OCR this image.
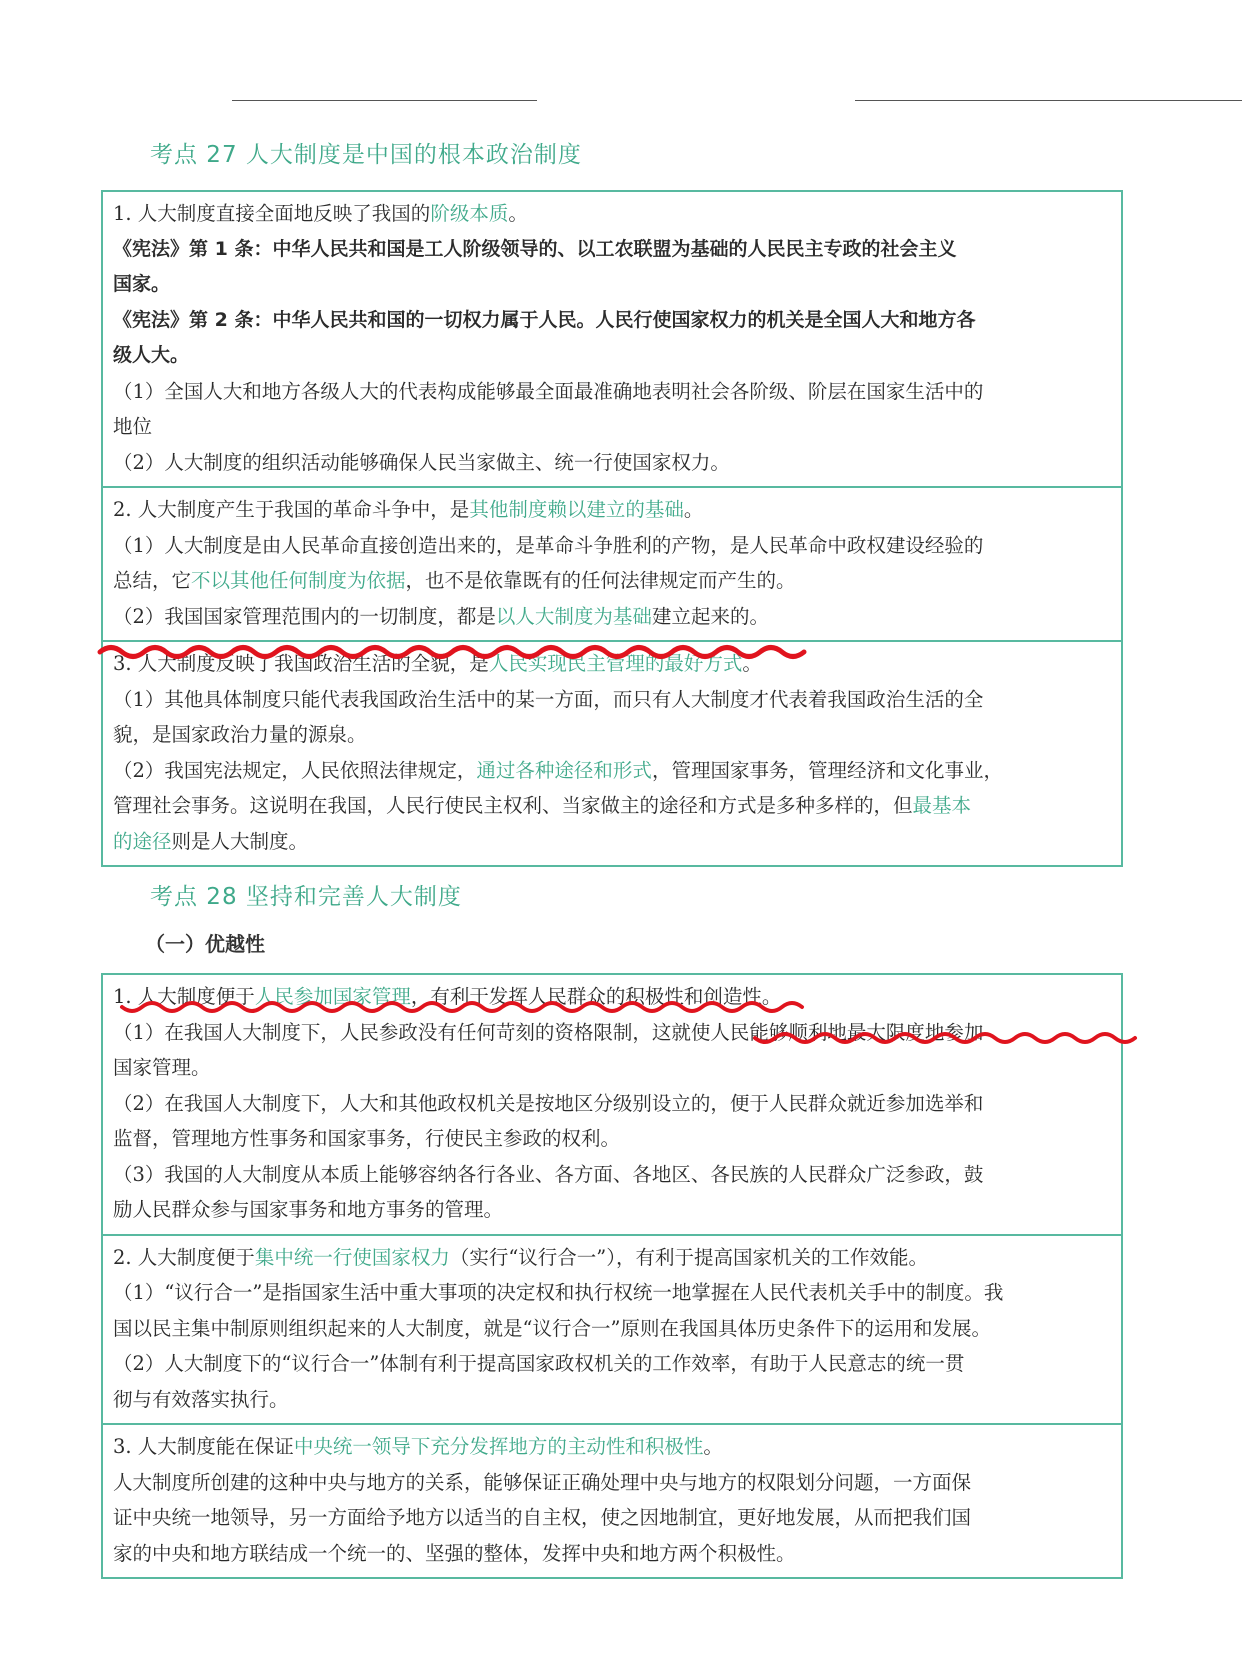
考点 27 人大制度是中国的根本政治制度
1. 人大制度直接全面地反映了我国的阶级本质。
《宪法》第 1 条：中华人民共和国是工人阶级领导的、以工农联盟为基础的人民民主专政的社会主义
国家。
《宪法》第 2 条：中华人民共和国的一切权力属于人民。人民行使国家权力的机关是全国人大和地方各
级人大。
（1）全国人大和地方各级人大的代表构成能够最全面最准确地表明社会各阶级、阶层在国家生活中的
地位
（2）人大制度的组织活动能够确保人民当家做主、统一行使国家权力。
2. 人大制度产生于我国的革命斗争中，是其他制度赖以建立的基础。
（1）人大制度是由人民革命直接创造出来的，是革命斗争胜利的产物，是人民革命中政权建设经验的
总结，它不以其他任何制度为依据，也不是依靠既有的任何法律规定而产生的。
（2）我国国家管理范围内的一切制度，都是以人大制度为基础建立起来的。
3. 人大制度反映了我国政治生活的全貌，是人民实现民主管理的最好方式。
（1）其他具体制度只能代表我国政治生活中的某一方面，而只有人大制度才代表着我国政治生活的全
貌，是国家政治力量的源泉。
（2）我国宪法规定，人民依照法律规定，通过各种途径和形式，管理国家事务，管理经济和文化事业，
管理社会事务。这说明在我国，人民行使民主权利、当家做主的途径和方式是多种多样的，但最基本
的途径则是人大制度。
考点 28 坚持和完善人大制度
（一）优越性
1. 人大制度便于人民参加国家管理，有利于发挥人民群众的积极性和创造性。
（1）在我国人大制度下，人民参政没有任何苛刻的资格限制，这就使人民能够顺利地最大限度地参加
国家管理。
（2）在我国人大制度下，人大和其他政权机关是按地区分级别设立的，便于人民群众就近参加选举和
监督，管理地方性事务和国家事务，行使民主参政的权利。
（3）我国的人大制度从本质上能够容纳各行各业、各方面、各地区、各民族的人民群众广泛参政，鼓
励人民群众参与国家事务和地方事务的管理。
2. 人大制度便于集中统一行使国家权力（实行“议行合一”），有利于提高国家机关的工作效能。
（1）“议行合一”是指国家生活中重大事项的决定权和执行权统一地掌握在人民代表机关手中的制度。我
国以民主集中制原则组织起来的人大制度，就是“议行合一”原则在我国具体历史条件下的运用和发展。
（2）人大制度下的“议行合一”体制有利于提高国家政权机关的工作效率，有助于人民意志的统一贯
彻与有效落实执行。
3. 人大制度能在保证中央统一领导下充分发挥地方的主动性和积极性。
人大制度所创建的这种中央与地方的关系，能够保证正确处理中央与地方的权限划分问题，一方面保
证中央统一地领导，另一方面给予地方以适当的自主权，使之因地制宜，更好地发展，从而把我们国
家的中央和地方联结成一个统一的、坚强的整体，发挥中央和地方两个积极性。
